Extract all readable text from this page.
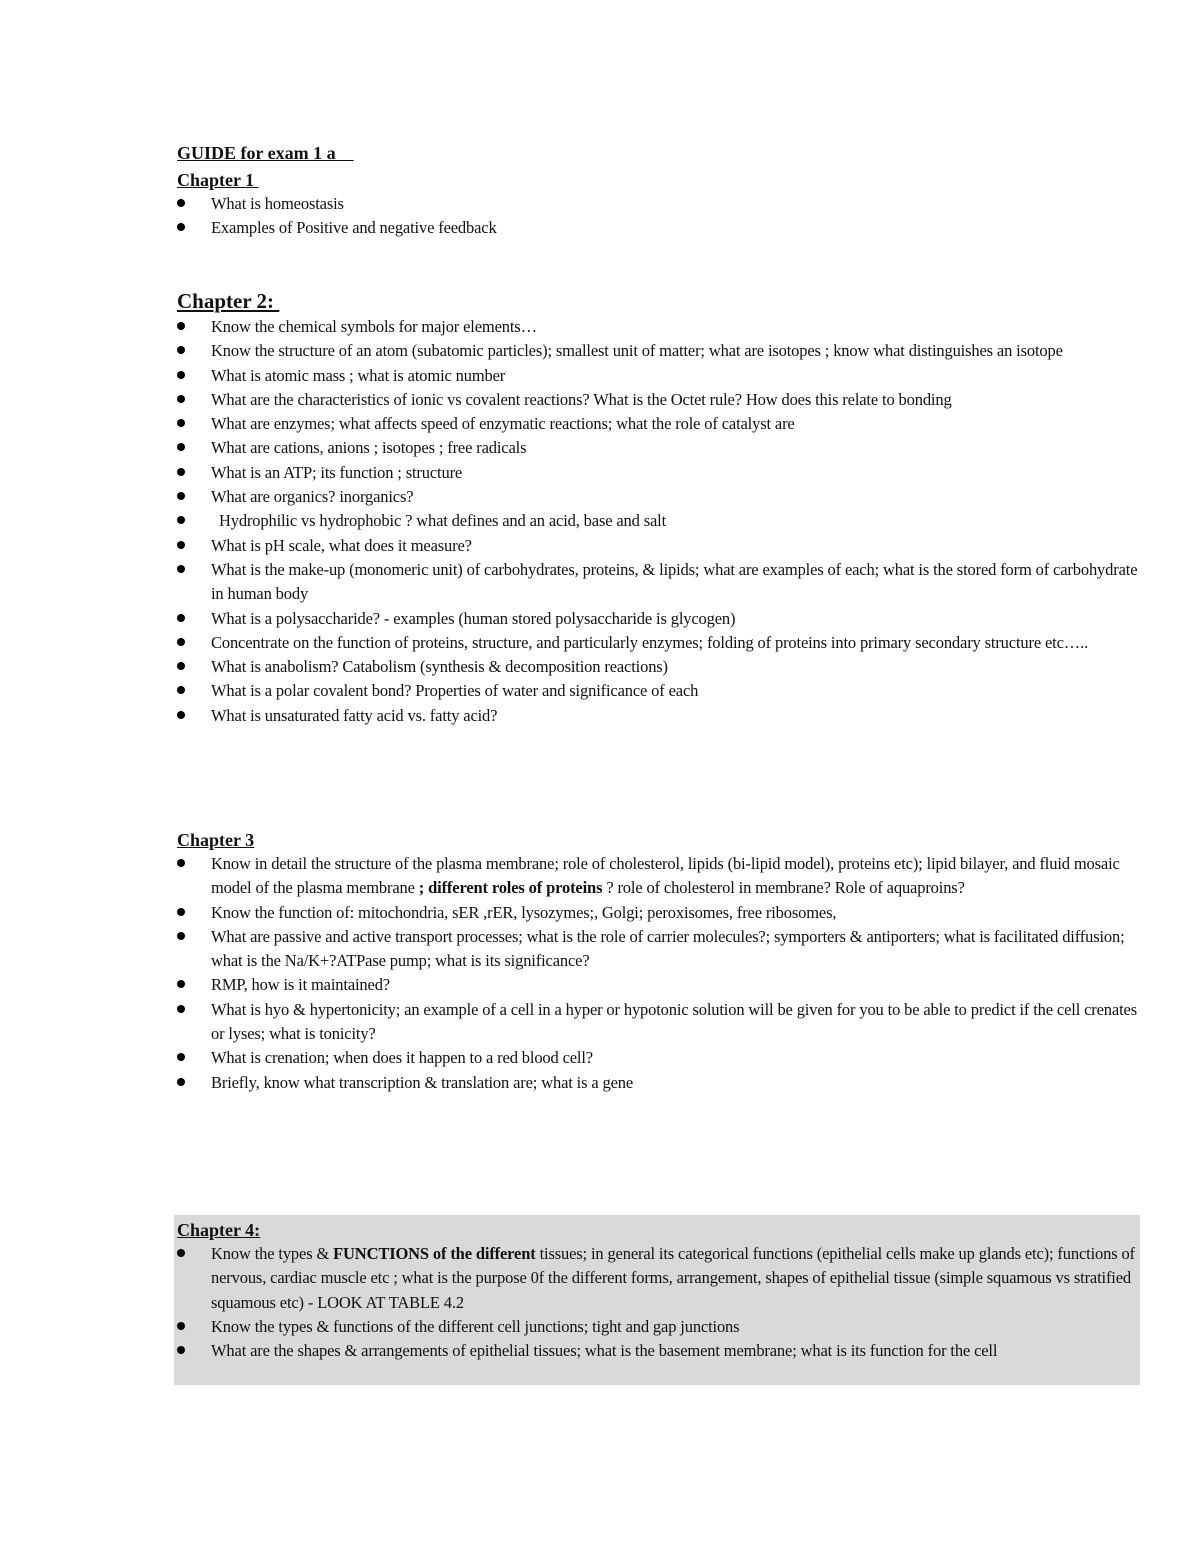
GUIDE for exam 1 a
Chapter 1
What is homeostasis
Examples of Positive and negative feedback
Chapter 2:
Know the chemical symbols for major elements…
Know the structure of an atom (subatomic particles); smallest unit of matter; what are isotopes ; know what distinguishes an isotope
What is atomic mass ; what is atomic number
What are the characteristics of ionic vs covalent reactions? What is the Octet rule? How does this relate to bonding
What are enzymes; what affects speed of enzymatic reactions; what the role of catalyst are
What are cations, anions ; isotopes ; free radicals
What is an ATP; its function ; structure
What are organics? inorganics?
Hydrophilic vs hydrophobic ? what defines and an acid, base and salt
What is pH scale, what does it measure?
What is the make-up (monomeric unit) of carbohydrates, proteins, & lipids; what are examples of each; what is the stored form of carbohydrate in human body
What is a polysaccharide? - examples (human stored polysaccharide is glycogen)
Concentrate on the function of proteins, structure, and particularly enzymes; folding of proteins into primary secondary structure etc…..
What is anabolism? Catabolism (synthesis & decomposition reactions)
What is a polar covalent bond? Properties of water and significance of each
What is unsaturated fatty acid vs. fatty acid?
Chapter 3
Know in detail the structure of the plasma membrane; role of cholesterol, lipids (bi-lipid model), proteins etc); lipid bilayer, and fluid mosaic model of the plasma membrane ; different roles of proteins ? role of cholesterol in membrane? Role of aquaproins?
Know the function of: mitochondria, sER ,rER, lysozymes;, Golgi; peroxisomes, free ribosomes,
What are passive and active transport processes; what is the role of carrier molecules?; symporters & antiporters; what is facilitated diffusion; what is the Na/K+?ATPase pump; what is its significance?
RMP, how is it maintained?
What is hyo & hypertonicity; an example of a cell in a hyper or hypotonic solution will be given for you to be able to predict if the cell crenates or lyses; what is tonicity?
What is crenation; when does it happen to a red blood cell?
Briefly, know what transcription & translation are; what is a gene
Chapter 4:
Know the types & FUNCTIONS of the different tissues; in general its categorical functions (epithelial cells make up glands etc); functions of nervous, cardiac muscle etc ; what is the purpose 0f the different forms, arrangement, shapes of epithelial tissue (simple squamous vs stratified squamous etc) - LOOK AT TABLE 4.2
Know the types & functions of the different cell junctions; tight and gap junctions
What are the shapes & arrangements of epithelial tissues; what is the basement membrane; what is its function for the cell
